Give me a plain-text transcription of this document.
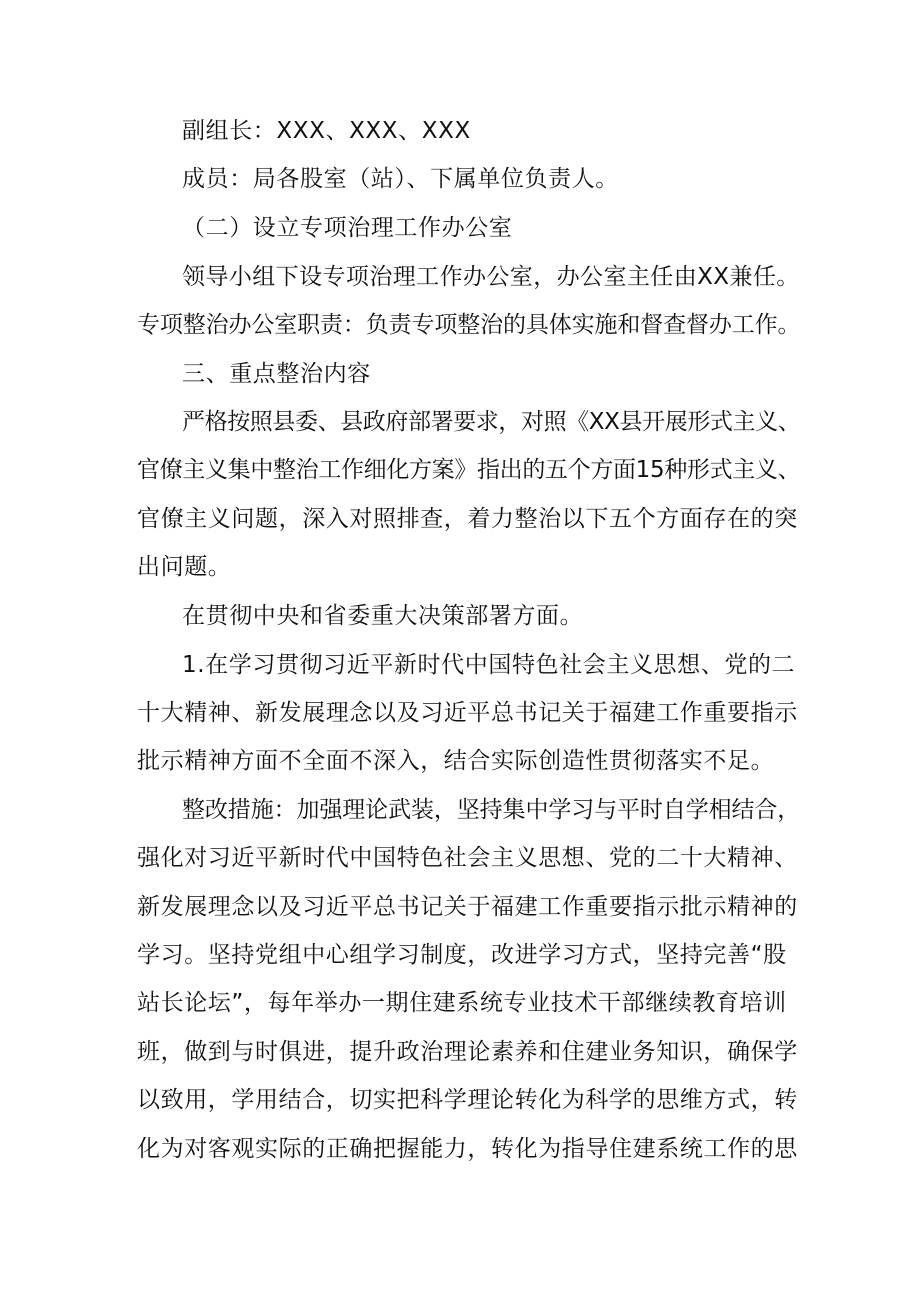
副组长：XXX、XXX、XXX
成员：局各股室（站）、下属单位负责人。
（二）设立专项治理工作办公室
领导小组下设专项治理工作办公室，办公室主任由XX兼任。
专项整治办公室职责：负责专项整治的具体实施和督查督办工作。
三、重点整治内容
严格按照县委、县政府部署要求，对照《XX县开展形式主义、
官僚主义集中整治工作细化方案》指出的五个方面15种形式主义、
官僚主义问题，深入对照排查，着力整治以下五个方面存在的突
出问题。
在贯彻中央和省委重大决策部署方面。
1.在学习贯彻习近平新时代中国特色社会主义思想、党的二
十大精神、新发展理念以及习近平总书记关于福建工作重要指示
批示精神方面不全面不深入，结合实际创造性贯彻落实不足。
整改措施：加强理论武装，坚持集中学习与平时自学相结合，
强化对习近平新时代中国特色社会主义思想、党的二十大精神、
新发展理念以及习近平总书记关于福建工作重要指示批示精神的
学习。坚持党组中心组学习制度，改进学习方式，坚持完善“股
站长论坛”，每年举办一期住建系统专业技术干部继续教育培训
班，做到与时俱进，提升政治理论素养和住建业务知识，确保学
以致用，学用结合，切实把科学理论转化为科学的思维方式，转
化为对客观实际的正确把握能力，转化为指导住建系统工作的思
